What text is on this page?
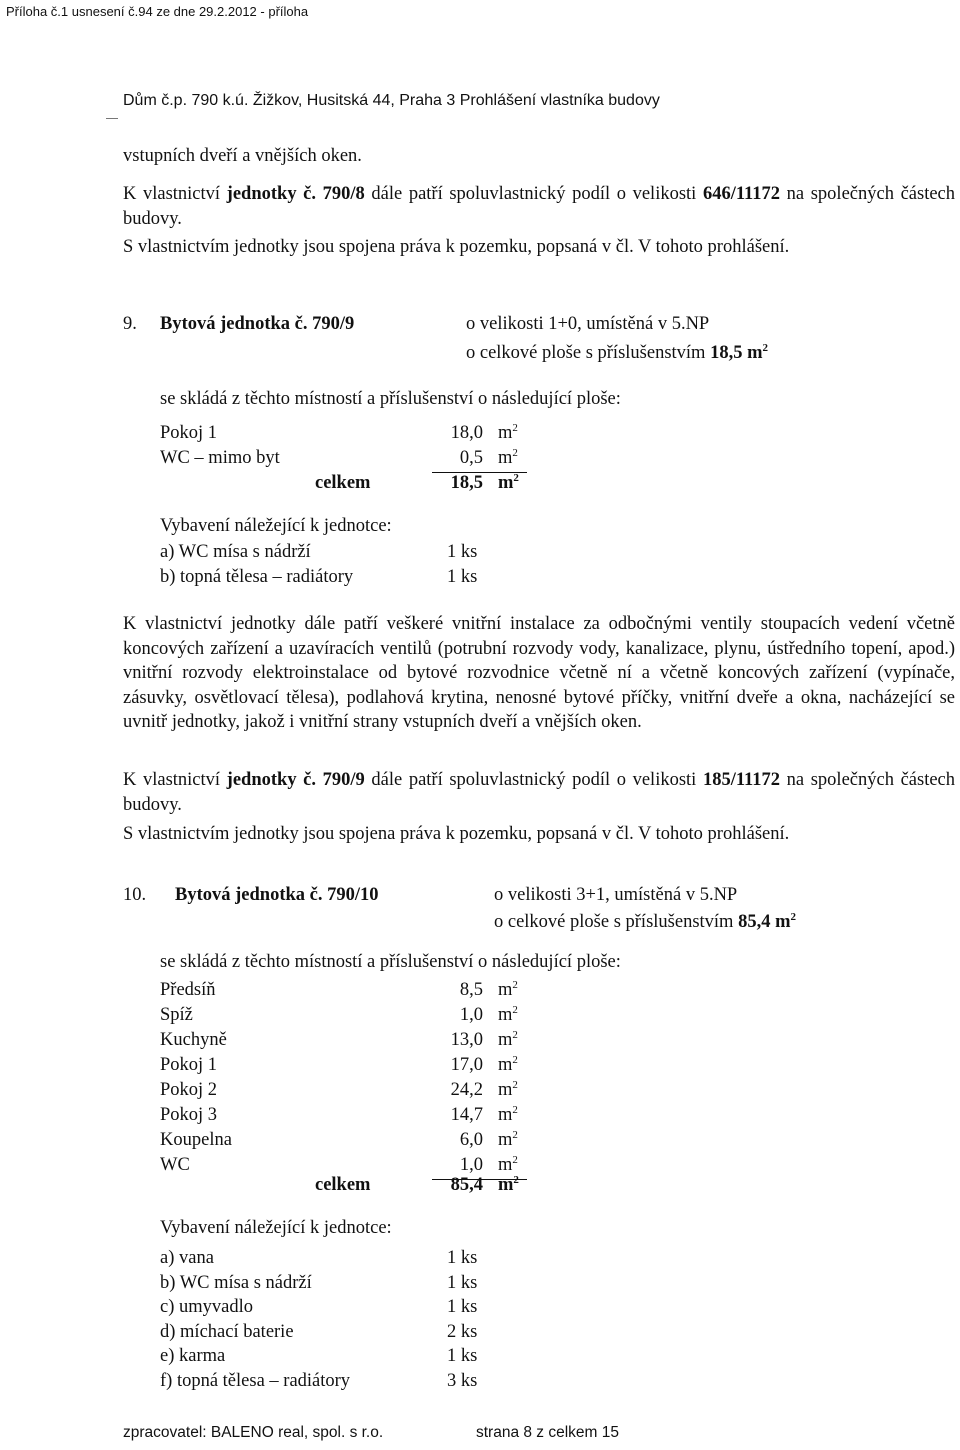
Příloha č.1 usnesení č.94 ze dne 29.2.2012 - příloha
Dům č.p. 790 k.ú. Žižkov, Husitská 44, Praha 3 Prohlášení vlastníka budovy
vstupních dveří a vnějších oken.
K vlastnictví jednotky č. 790/8 dále patří spoluvlastnický podíl o velikosti 646/11172 na společných částech budovy.
S vlastnictvím jednotky jsou spojena práva k pozemku, popsaná v čl. V tohoto prohlášení.
9. Bytová jednotka č. 790/9	o velikosti 1+0, umístěná v 5.NP
o celkové ploše s příslušenstvím 18,5 $m^2$
se skládá z těchto místností a příslušenství o následující ploše:
Pokoj 1	18,0 $m^2$
WC – mimo byt	0,5 $m^2$
celkem	18,5 $m^2$
Vybavení náležející k jednotce:
a) WC mísa s nádrží	1 ks
b) topná tělesa – radiátory	1 ks
K vlastnictví jednotky dále patří veškeré vnitřní instalace za odbočnými ventily stoupacích vedení včetně koncových zařízení a uzavíracích ventilů (potrubní rozvody vody, kanalizace, plynu, ústředního topení, apod.) vnitřní rozvody elektroinstalace od bytové rozvodnice včetně ní a včetně koncových zařízení (vypínače, zásuvky, osvětlovací tělesa), podlahová krytina, nenosné bytové příčky, vnitřní dveře a okna, nacházející se uvnitř jednotky, jakož i vnitřní strany vstupních dveří a vnějších oken.
K vlastnictví jednotky č. 790/9 dále patří spoluvlastnický podíl o velikosti 185/11172 na společných částech budovy.
S vlastnictvím jednotky jsou spojena práva k pozemku, popsaná v čl. V tohoto prohlášení.
10. Bytová jednotka č. 790/10	o velikosti 3+1, umístěná v 5.NP
o celkové ploše s příslušenstvím 85,4 $m^2$
se skládá z těchto místností a příslušenství o následující ploše:
Předsíň	8,5 $m^2$
Spíž	1,0 $m^2$
Kuchyně	13,0 $m^2$
Pokoj 1	17,0 $m^2$
Pokoj 2	24,2 $m^2$
Pokoj 3	14,7 $m^2$
Koupelna	6,0 $m^2$
WC	1,0 $m^2$
celkem	85,4 $m^2$
Vybavení náležející k jednotce:
a) vana	1 ks
b) WC mísa s nádrží	1 ks
c) umyvadlo	1 ks
d) míchací baterie	2 ks
e) karma	1 ks
f) topná tělesa – radiátory	3 ks
zpracovatel: BALENO real, spol. s r.o.	strana 8 z celkem 15
